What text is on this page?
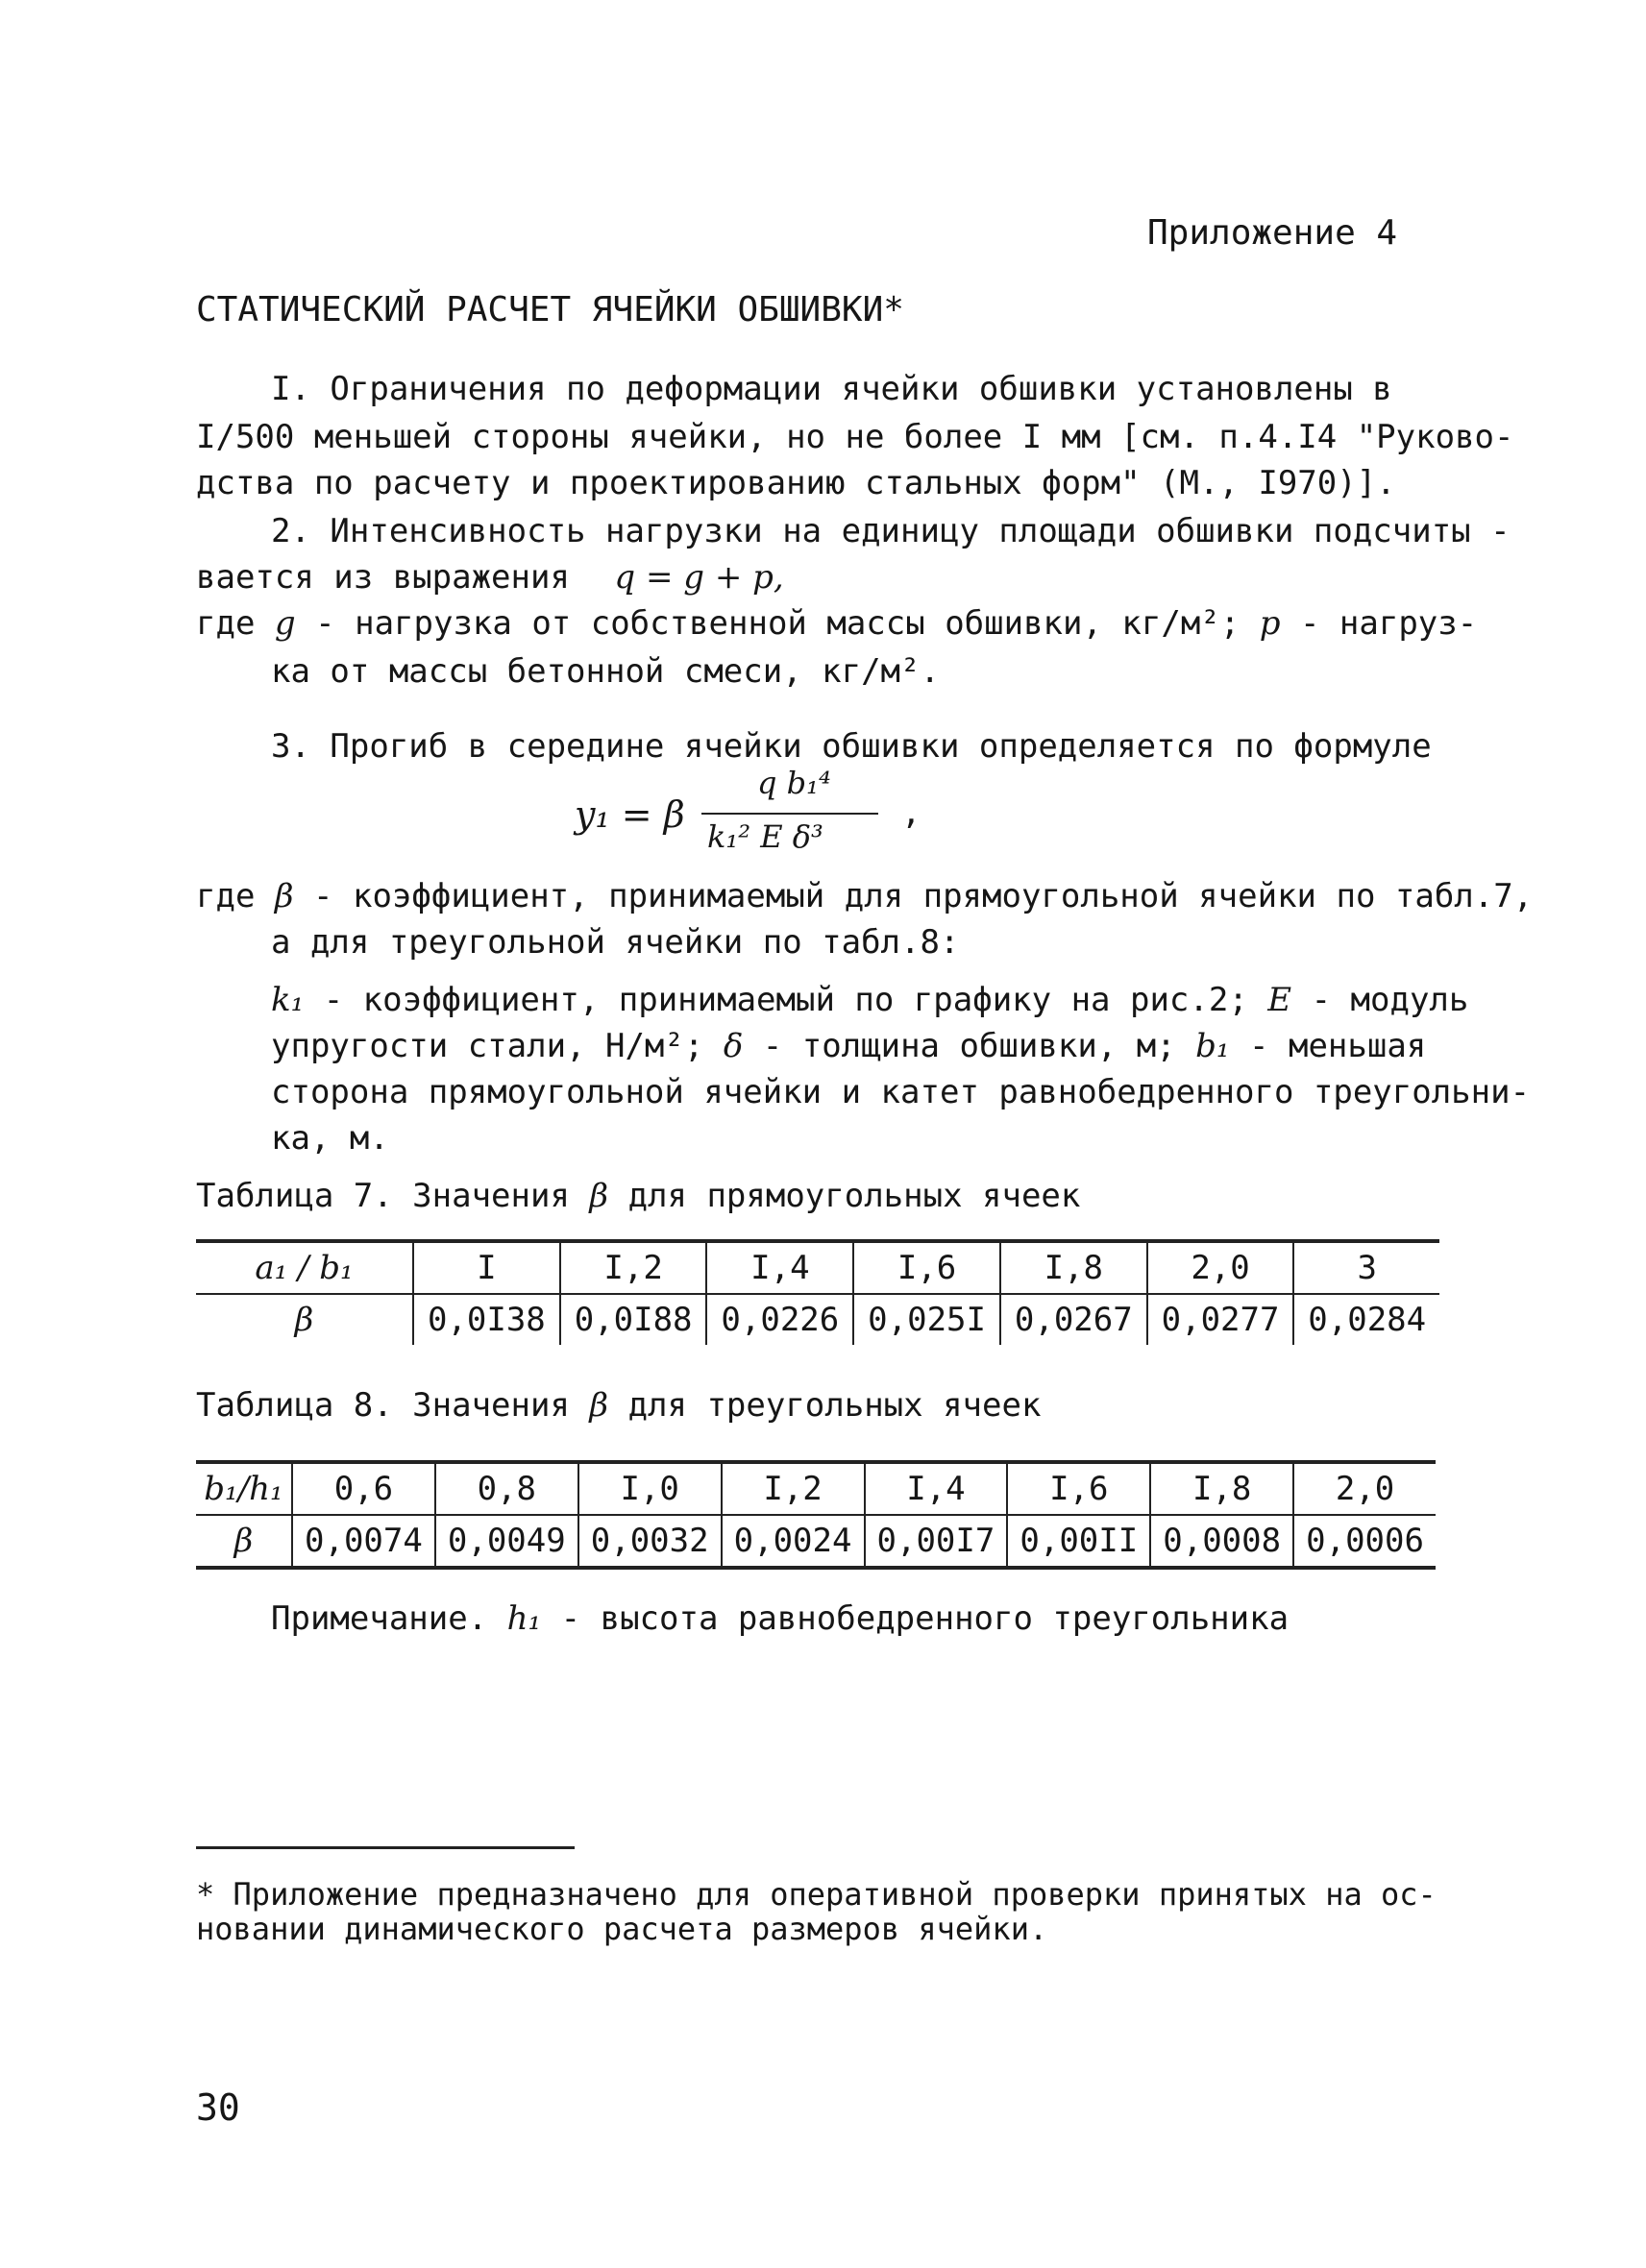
Приложение 4
СТАТИЧЕСКИЙ РАСЧЕТ ЯЧЕЙКИ ОБШИВКИ*
I. Ограничения по деформации ячейки обшивки установлены в
I/500 меньшей стороны ячейки, но не более I мм [см. п.4.I4 "Руково-
дства по расчету и проектированию стальных форм" (М., I970)].
2. Интенсивность нагрузки на единицу площади обшивки подсчиты -
вается из выражения q = g + p,
где g - нагрузка от собственной массы обшивки, кг/м²; p - нагруз-
ка от массы бетонной смеси, кг/м².
3. Прогиб в середине ячейки обшивки определяется по формуле
y₁ = β
q b₁⁴
k₁² E δ³
,
где β - коэффициент, принимаемый для прямоугольной ячейки по табл.7,
а для треугольной ячейки по табл.8:
k₁ - коэффициент, принимаемый по графику на рис.2; E - модуль
упругости стали, Н/м²; δ - толщина обшивки, м; b₁ - меньшая
сторона прямоугольной ячейки и катет равнобедренного треугольни-
ка, м.
Таблица 7. Значения β для прямоугольных ячеек
a₁ / b₁	I	I,2	I,4	I,6	I,8	2,0	3
β	0,0I38	0,0I88	0,0226	0,025I	0,0267	0,0277	0,0284
Таблица 8. Значения β для треугольных ячеек
b₁/h₁	0,6	0,8	I,0	I,2	I,4	I,6	I,8	2,0
β	0,0074	0,0049	0,0032	0,0024	0,00I7	0,00II	0,0008	0,0006
Примечание. h₁ - высота равнобедренного треугольника
* Приложение предназначено для оперативной проверки принятых на ос-
новании динамического расчета размеров ячейки.
30
